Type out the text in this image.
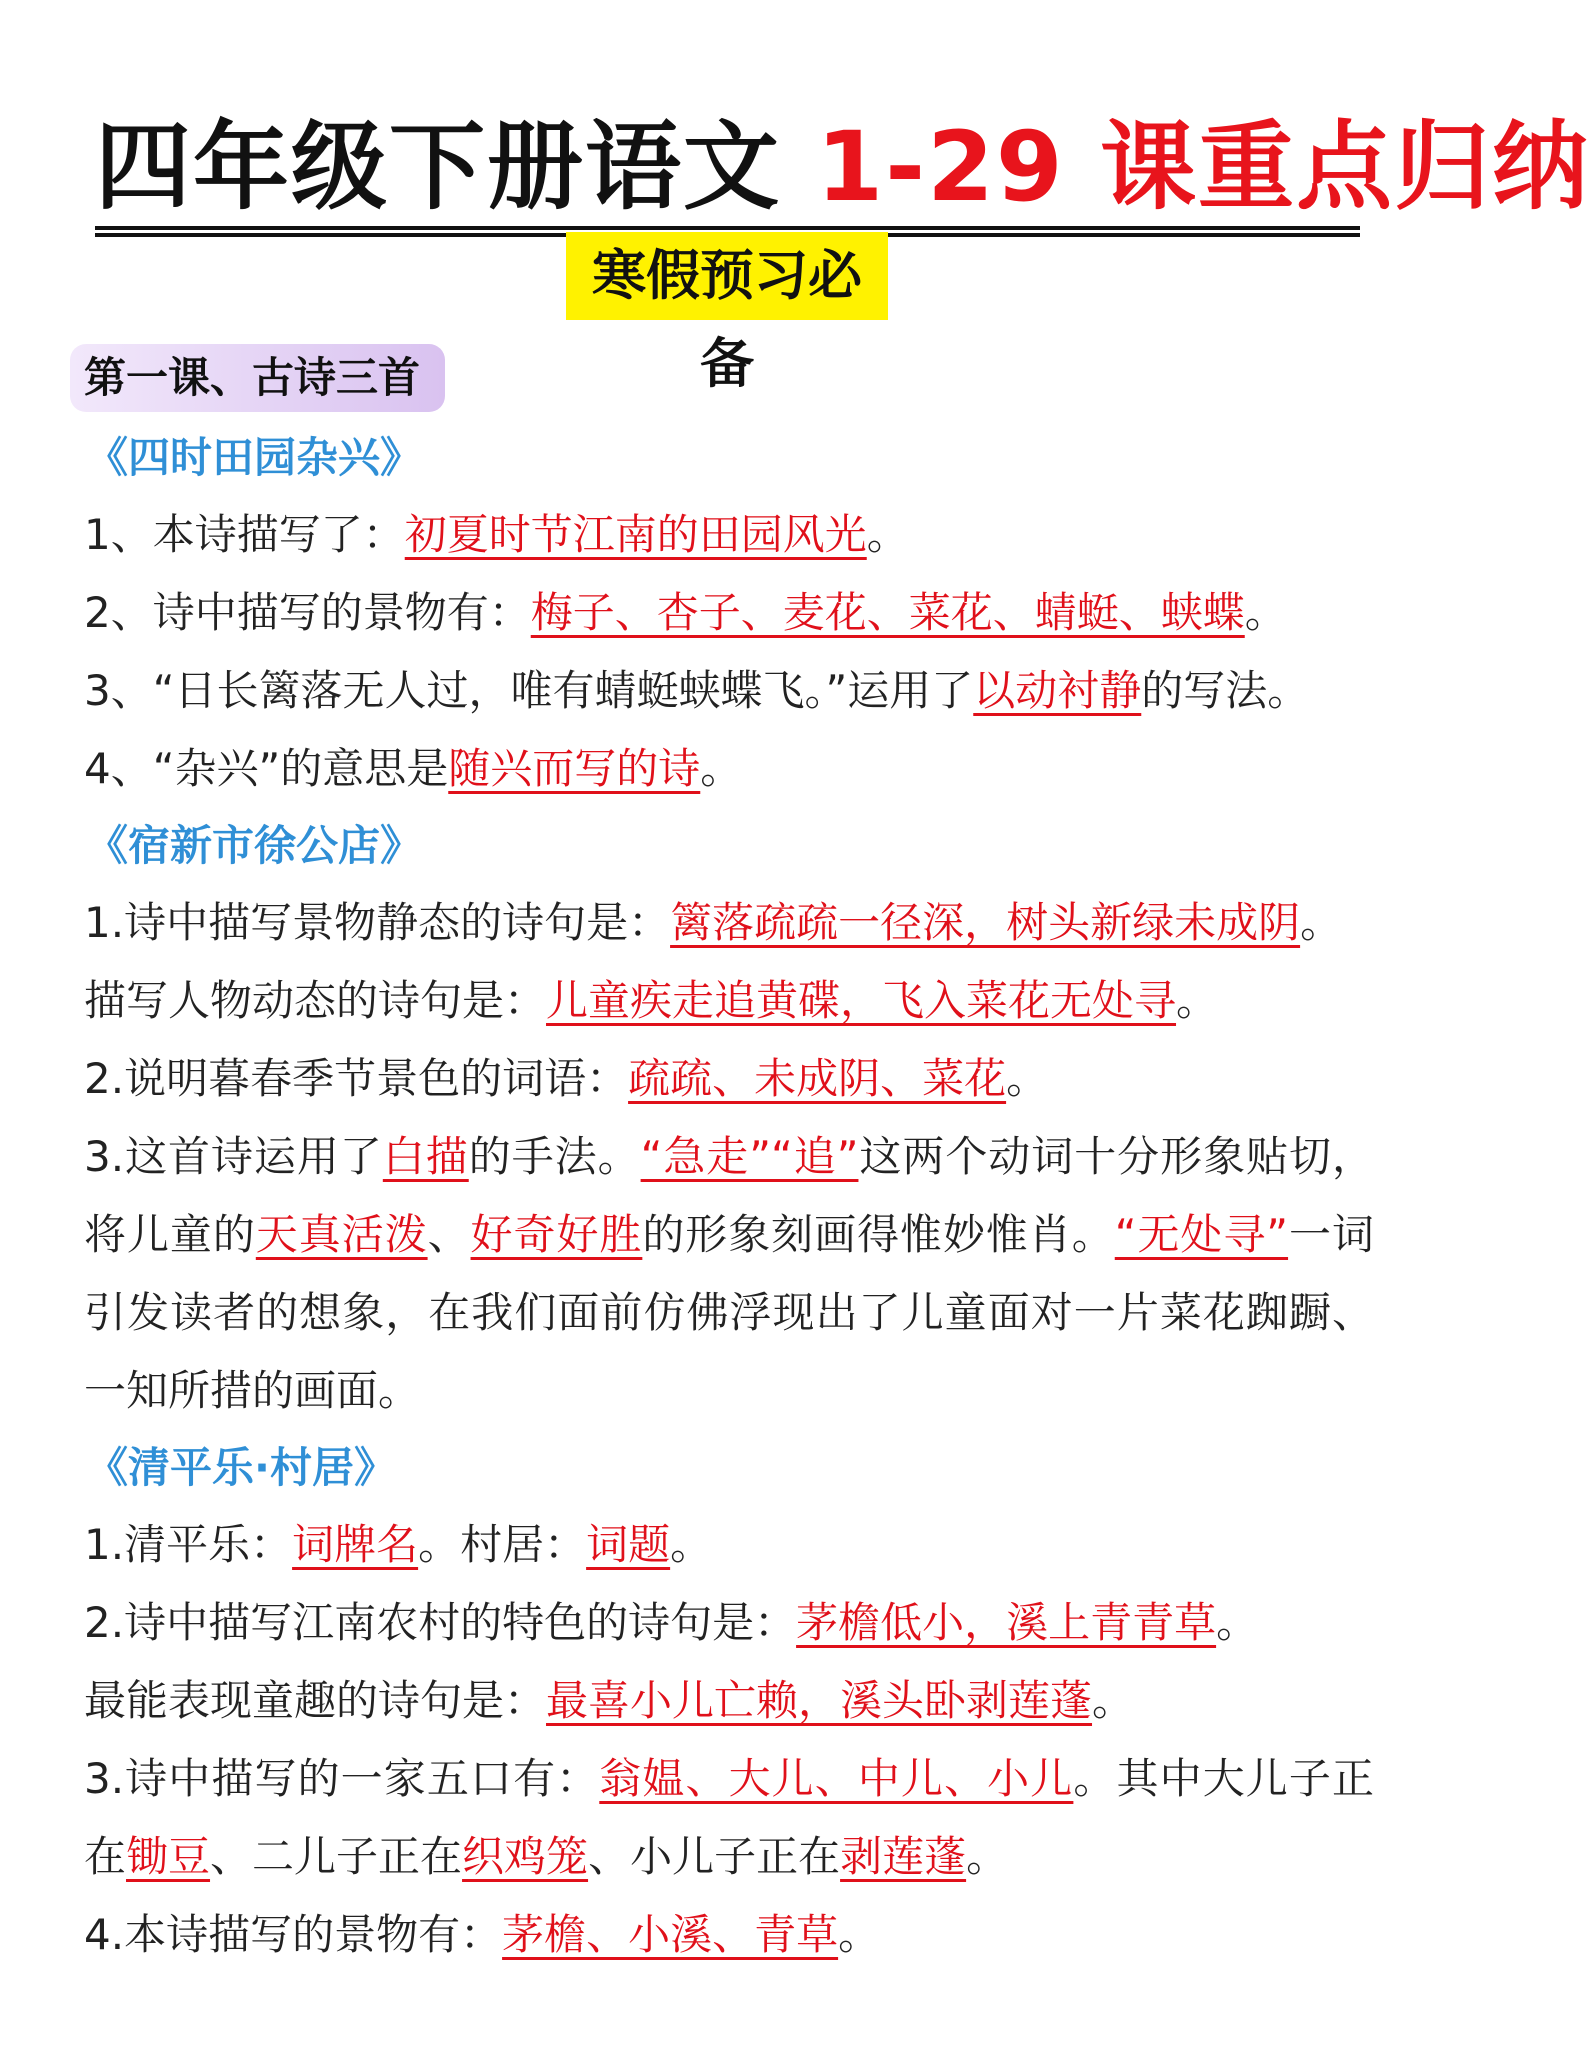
四年级下册语文 1-29 课重点归纳
寒假预习必备
第一课、古诗三首
《四时田园杂兴》
1、本诗描写了：初夏时节江南的田园风光。
2、诗中描写的景物有：梅子、杏子、麦花、菜花、蜻蜓、蛱蝶。
3、“日长篱落无人过，唯有蜻蜓蛱蝶飞。”运用了以动衬静的写法。
4、“杂兴”的意思是随兴而写的诗。
《宿新市徐公店》
1.诗中描写景物静态的诗句是：篱落疏疏一径深，树头新绿未成阴。
描写人物动态的诗句是：儿童疾走追黄碟，飞入菜花无处寻。
2.说明暮春季节景色的词语：疏疏、未成阴、菜花。
3.这首诗运用了白描的手法。“急走”“追”这两个动词十分形象贴切，将儿童的天真活泼、好奇好胜的形象刻画得惟妙惟肖。“无处寻”一词引发读者的想象，在我们面前仿佛浮现出了儿童面对一片菜花踟蹰、一知所措的画面。
《清平乐·村居》
1.清平乐：词牌名。村居：词题。
2.诗中描写江南农村的特色的诗句是：茅檐低小，溪上青青草。
最能表现童趣的诗句是：最喜小儿亡赖，溪头卧剥莲蓬。
3.诗中描写的一家五口有：翁媪、大儿、中儿、小儿。其中大儿子正在锄豆、二儿子正在织鸡笼、小儿子正在剥莲蓬。
4.本诗描写的景物有：茅檐、小溪、青草。
